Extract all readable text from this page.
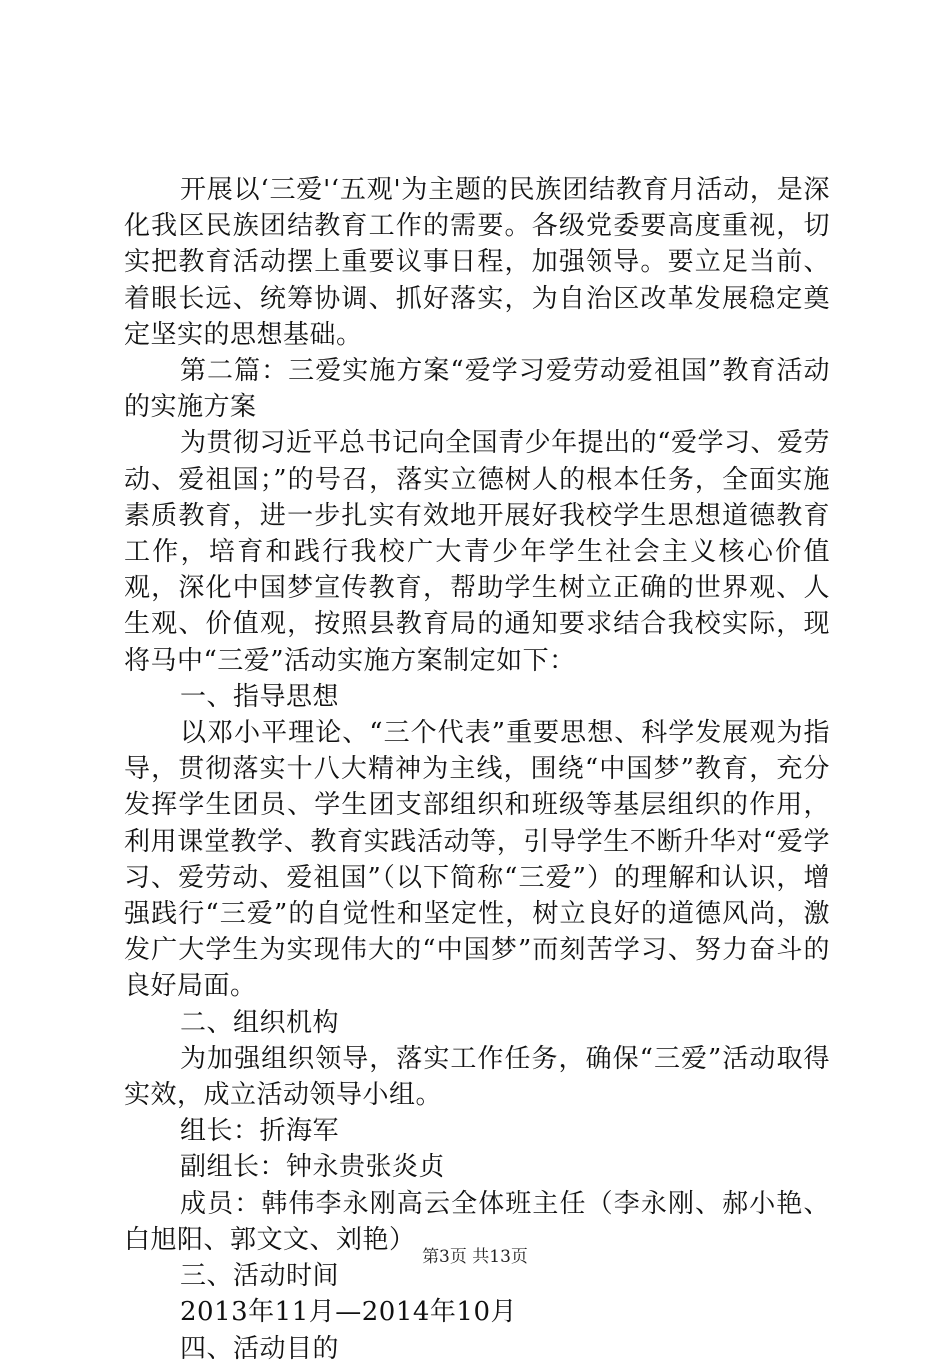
开展以‘三爱'‘五观'为主题的民族团结教育月活动，是深化我区民族团结教育工作的需要。各级党委要高度重视，切实把教育活动摆上重要议事日程，加强领导。要立足当前、着眼长远、统筹协调、抓好落实，为自治区改革发展稳定奠定坚实的思想基础。

第二篇：三爱实施方案“爱学习爱劳动爱祖国”教育活动的实施方案

为贯彻习近平总书记向全国青少年提出的“爱学习、爱劳动、爱祖国；”的号召，落实立德树人的根本任务，全面实施素质教育，进一步扎实有效地开展好我校学生思想道德教育工作，培育和践行我校广大青少年学生社会主义核心价值观，深化中国梦宣传教育，帮助学生树立正确的世界观、人生观、价值观，按照县教育局的通知要求结合我校实际，现将马中“三爱”活动实施方案制定如下：

一、指导思想

以邓小平理论、“三个代表”重要思想、科学发展观为指导，贯彻落实十八大精神为主线，围绕“中国梦”教育，充分发挥学生团员、学生团支部组织和班级等基层组织的作用，利用课堂教学、教育实践活动等，引导学生不断升华对“爱学习、爱劳动、爱祖国”（以下简称“三爱”）的理解和认识，增强践行“三爱”的自觉性和坚定性，树立良好的道德风尚，激发广大学生为实现伟大的“中国梦”而刻苦学习、努力奋斗的良好局面。

二、组织机构

为加强组织领导，落实工作任务，确保“三爱”活动取得实效，成立活动领导小组。

组长：折海军

副组长：钟永贵张炎贞

成员：韩伟李永刚高云全体班主任（李永刚、郝小艳、白旭阳、郭文文、刘艳）

三、活动时间

2013年11月—2014年10月

四、活动目的

第3页 共13页
